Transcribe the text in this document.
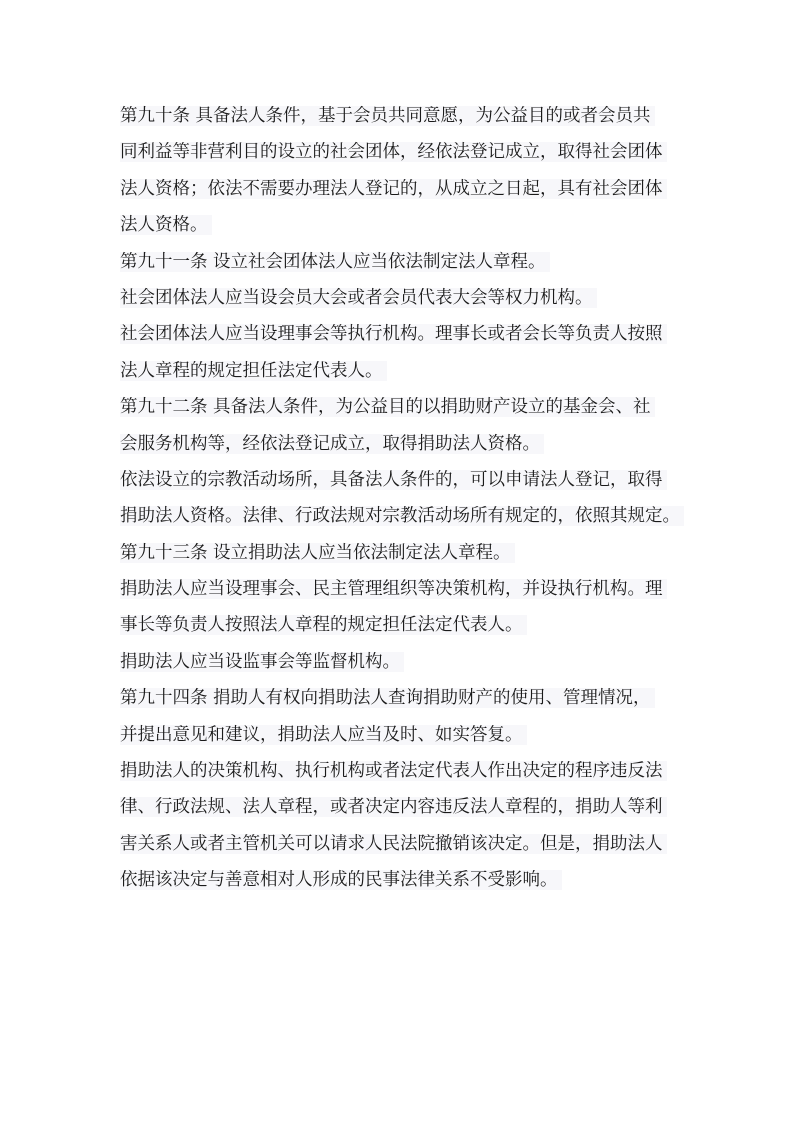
第九十条 具备法人条件，基于会员共同意愿，为公益目的或者会员共
同利益等非营利目的设立的社会团体，经依法登记成立，取得社会团体
法人资格；依法不需要办理法人登记的，从成立之日起，具有社会团体
法人资格。
第九十一条 设立社会团体法人应当依法制定法人章程。
社会团体法人应当设会员大会或者会员代表大会等权力机构。
社会团体法人应当设理事会等执行机构。理事长或者会长等负责人按照
法人章程的规定担任法定代表人。
第九十二条 具备法人条件，为公益目的以捐助财产设立的基金会、社
会服务机构等，经依法登记成立，取得捐助法人资格。
依法设立的宗教活动场所，具备法人条件的，可以申请法人登记，取得
捐助法人资格。法律、行政法规对宗教活动场所有规定的，依照其规定。
第九十三条 设立捐助法人应当依法制定法人章程。
捐助法人应当设理事会、民主管理组织等决策机构，并设执行机构。理
事长等负责人按照法人章程的规定担任法定代表人。
捐助法人应当设监事会等监督机构。
第九十四条 捐助人有权向捐助法人查询捐助财产的使用、管理情况，
并提出意见和建议，捐助法人应当及时、如实答复。
捐助法人的决策机构、执行机构或者法定代表人作出决定的程序违反法
律、行政法规、法人章程，或者决定内容违反法人章程的，捐助人等利
害关系人或者主管机关可以请求人民法院撤销该决定。但是，捐助法人
依据该决定与善意相对人形成的民事法律关系不受影响。
